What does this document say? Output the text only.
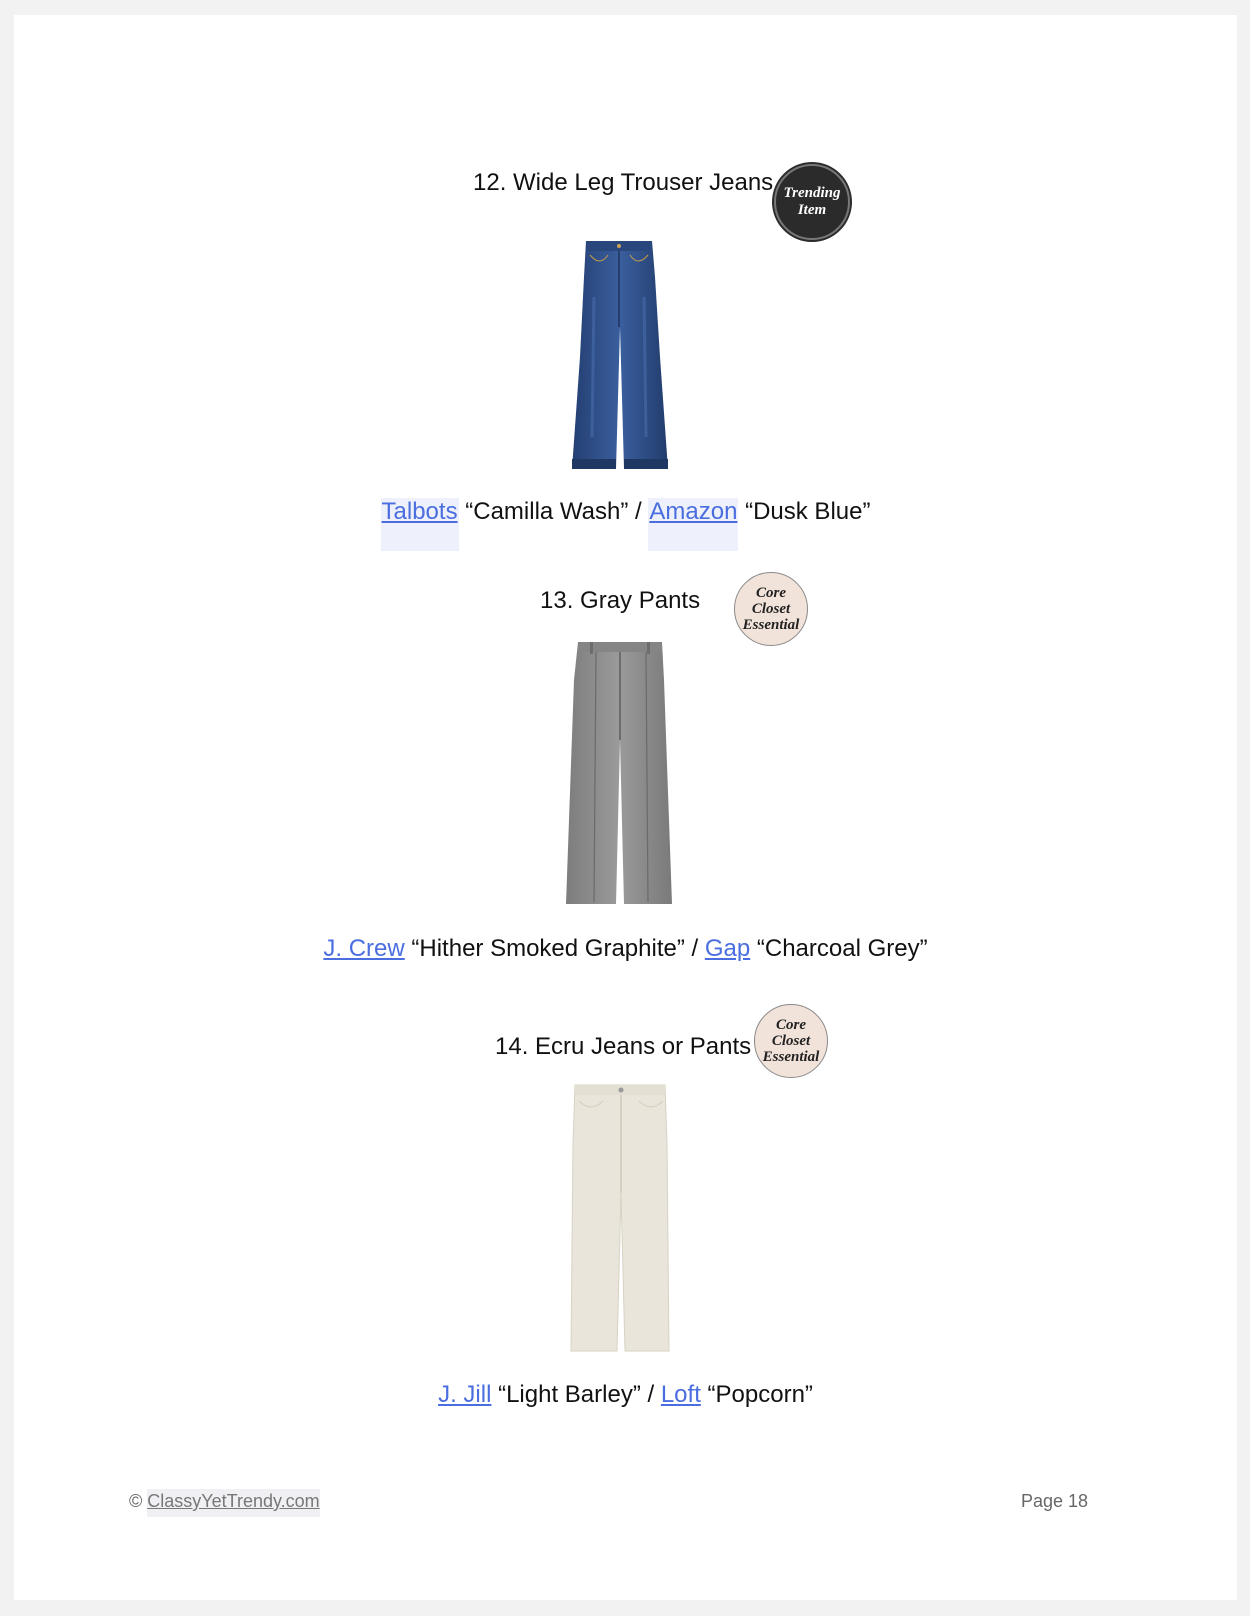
12. Wide Leg Trouser Jeans Trending
Item
Talbots “Camilla Wash” / Amazon “Dusk Blue”
13. Gray Pants	Core
Closet
Essential
J. Crew “Hither Smoked Graphite” / Gap “Charcoal Grey”
14. Ecru Jeans or Pants
Core
Closet
Essential
J. Jill “Light Barley” / Loft “Popcorn”
© ClassyYetTrendy.com	Page 18
